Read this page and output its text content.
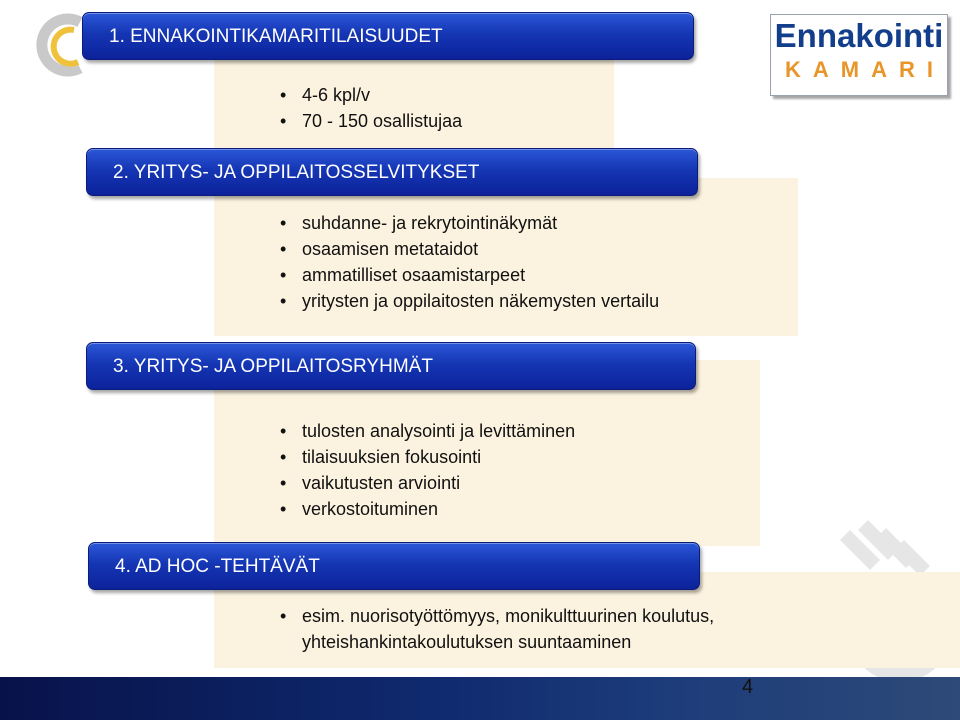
Ennakointi
KAMARI
1. ENNAKOINTIKAMARITILAISUUDET
• 4-6 kpl/v
• 70 - 150 osallistujaa
2. YRITYS- JA OPPILAITOSSELVITYKSET
• suhdanne- ja rekrytointinäkymät
• osaamisen metataidot
• ammatilliset osaamistarpeet
• yritysten ja oppilaitosten näkemysten vertailu
3. YRITYS- JA OPPILAITOSRYHMÄT
• tulosten analysointi ja levittäminen
• tilaisuuksien fokusointi
• vaikutusten arviointi
• verkostoituminen
4. AD HOC -TEHTÄVÄT
• esim. nuorisotyöttömyys, monikulttuurinen koulutus,
yhteishankintakoulutuksen suuntaaminen
4
